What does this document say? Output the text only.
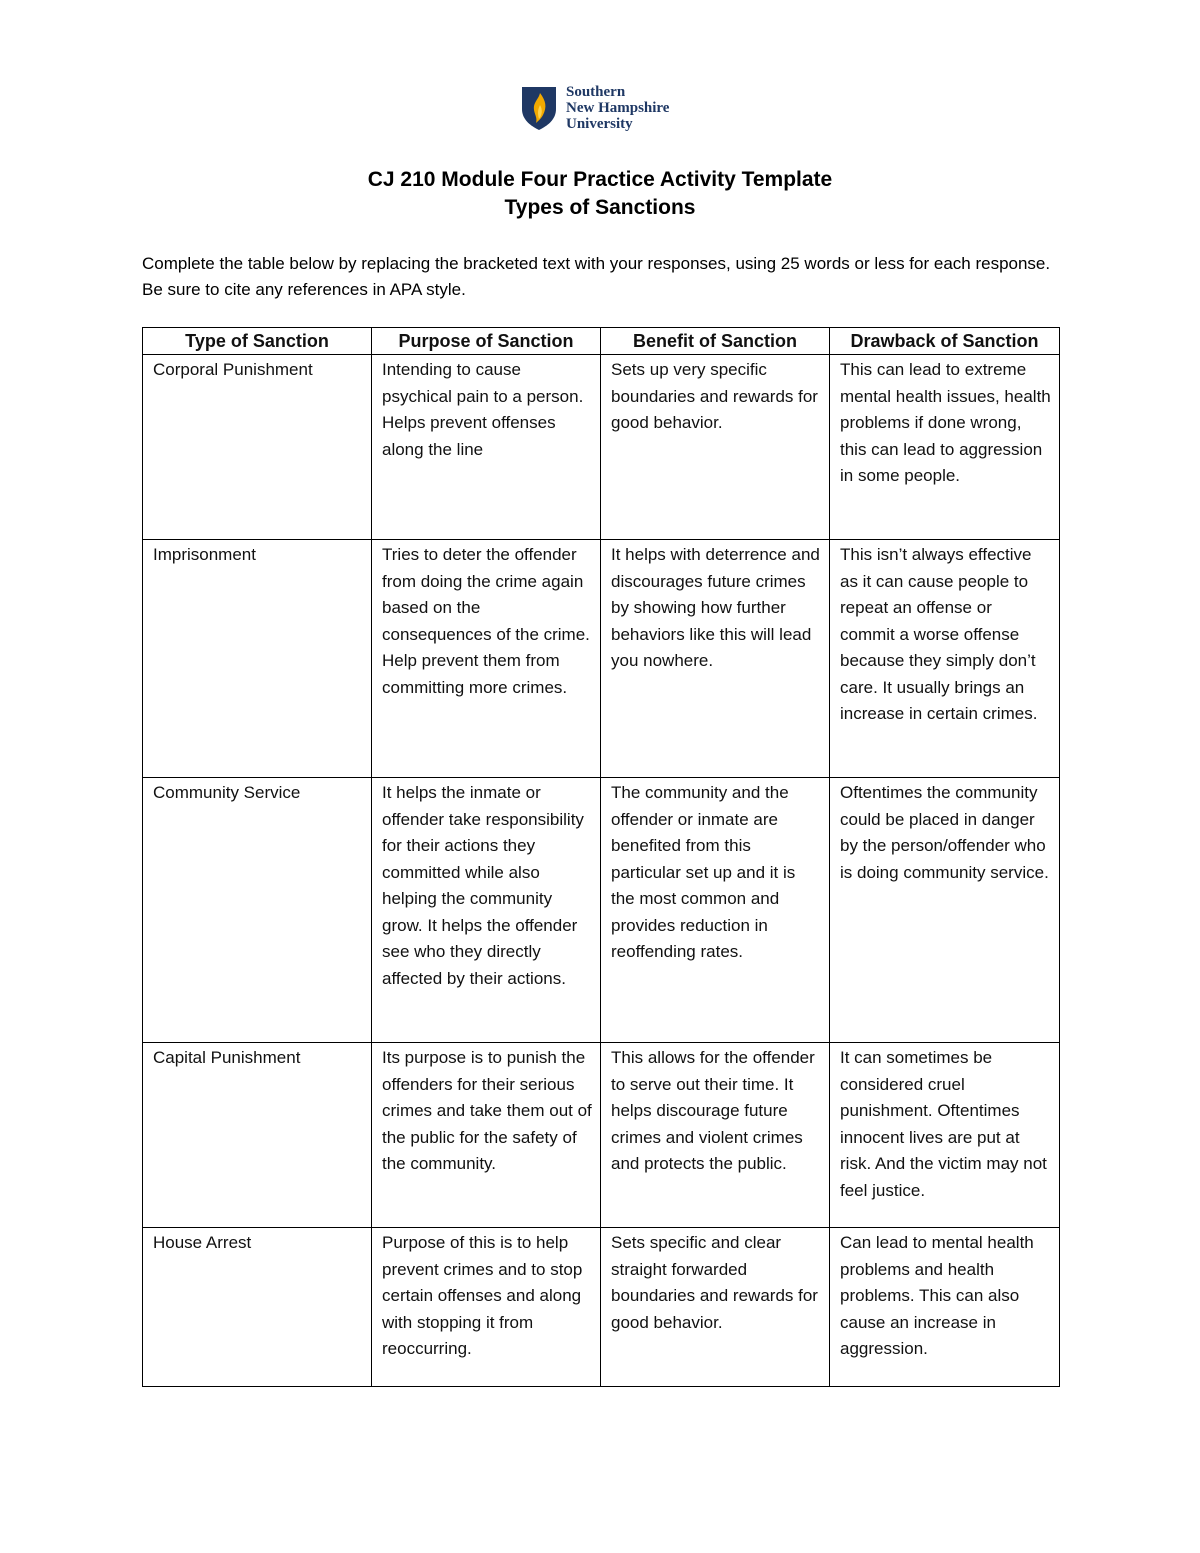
Southern
New Hampshire
University
CJ 210 Module Four Practice Activity Template
Types of Sanctions
Complete the table below by replacing the bracketed text with your responses, using 25 words or less for each response. Be sure to cite any references in APA style.
Type of Sanction	Purpose of Sanction	Benefit of Sanction	Drawback of Sanction
Corporal Punishment	Intending to cause psychical pain to a person. Helps prevent offenses along the line	Sets up very specific boundaries and rewards for good behavior.	This can lead to extreme mental health issues, health problems if done wrong, this can lead to aggression in some people.
Imprisonment	Tries to deter the offender from doing the crime again based on the consequences of the crime. Help prevent them from committing more crimes.	It helps with deterrence and discourages future crimes by showing how further behaviors like this will lead you nowhere.	This isn’t always effective as it can cause people to repeat an offense or commit a worse offense because they simply don’t care. It usually brings an increase in certain crimes.
Community Service	It helps the inmate or offender take responsibility for their actions they committed while also helping the community grow. It helps the offender see who they directly affected by their actions.	The community and the offender or inmate are benefited from this particular set up and it is the most common and provides reduction in reoffending rates.	Oftentimes the community could be placed in danger by the person/offender who is doing community service.
Capital Punishment	Its purpose is to punish the offenders for their serious crimes and take them out of the public for the safety of the community.	This allows for the offender to serve out their time. It helps discourage future crimes and violent crimes and protects the public.	It can sometimes be considered cruel punishment. Oftentimes innocent lives are put at risk. And the victim may not feel justice.
House Arrest	Purpose of this is to help prevent crimes and to stop certain offenses and along with stopping it from reoccurring.	Sets specific and clear straight forwarded boundaries and rewards for good behavior.	Can lead to mental health problems and health problems. This can also cause an increase in aggression.
